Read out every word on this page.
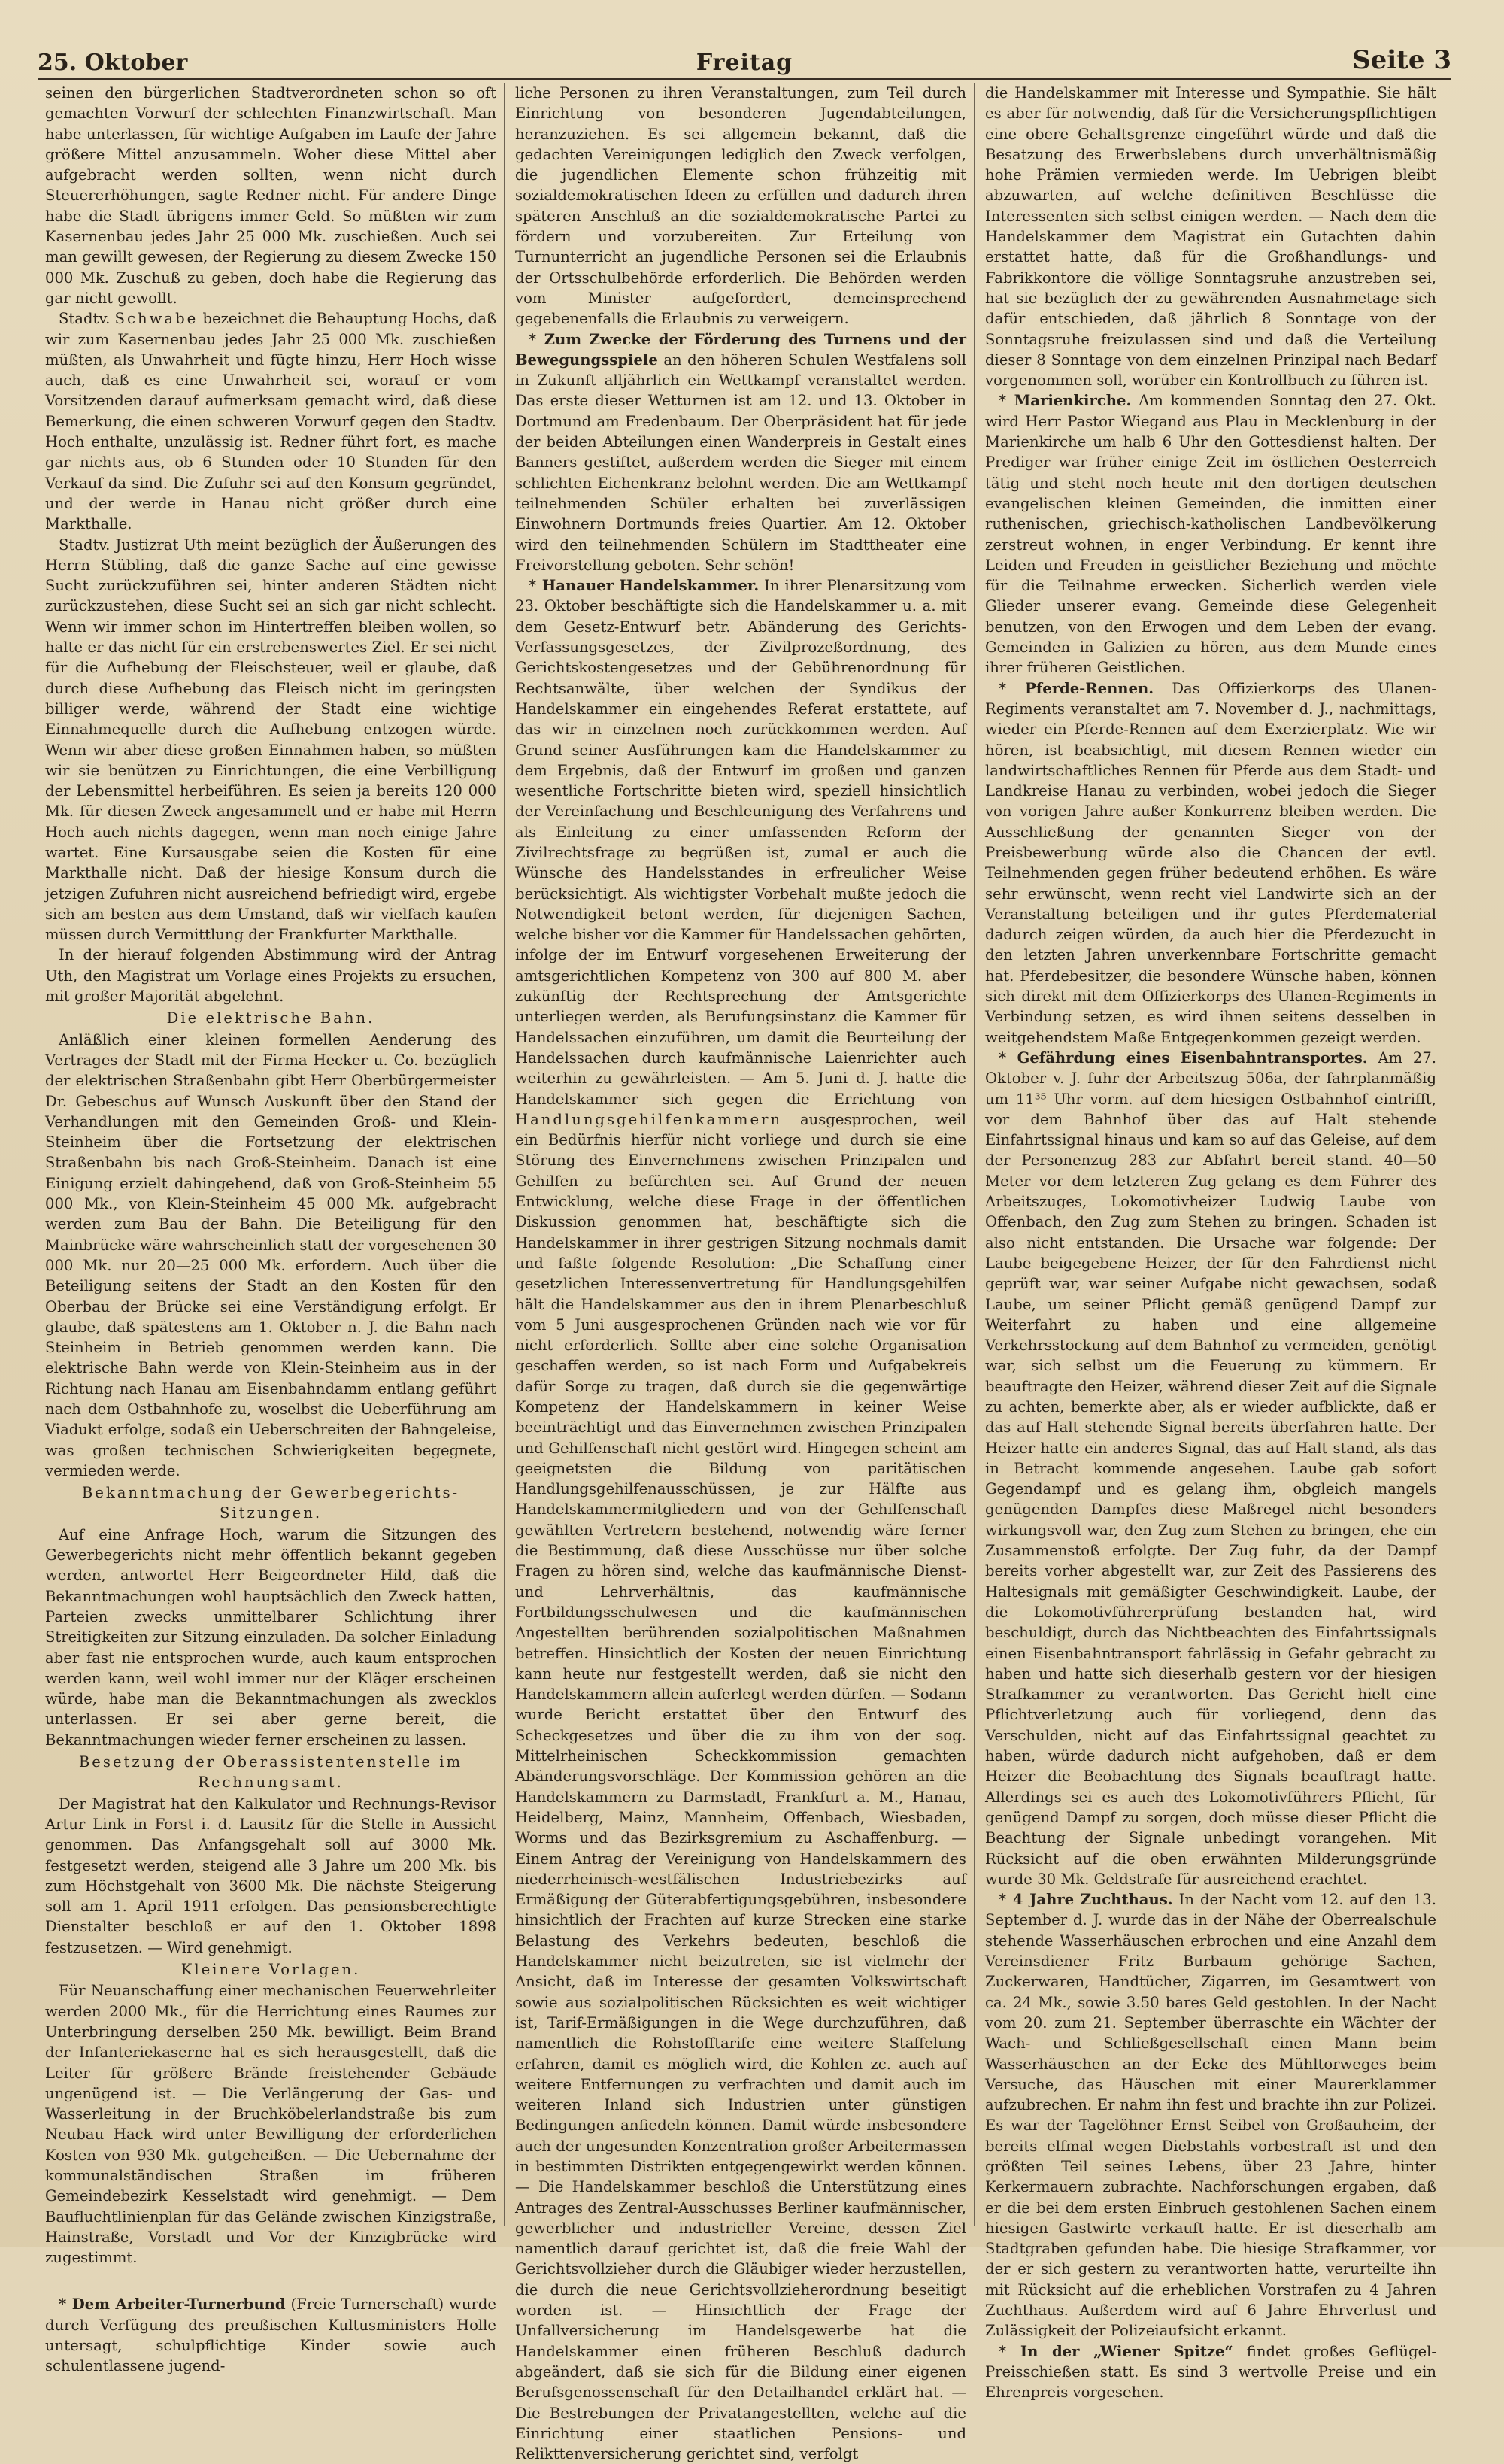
25. Oktober	Freitag	Seite 3

seinen den bürgerlichen Stadtverordneten schon so oft gemachten Vorwurf der schlechten Finanzwirtschaft. Man habe unterlassen, für wichtige Aufgaben im Laufe der Jahre größere Mittel anzusammeln. Woher diese Mittel aber aufgebracht werden sollten, wenn nicht durch Steuererhöhungen, sagte Redner nicht. Für andere Dinge habe die Stadt übrigens immer Geld. So müßten wir zum Kasernenbau jedes Jahr 25 000 Mk. zuschießen. Auch sei man gewillt gewesen, der Regierung zu diesem Zwecke 150 000 Mk. Zuschuß zu geben, doch habe die Regierung das gar nicht gewollt.

Stadtv. Schwabe bezeichnet die Behauptung Hochs, daß wir zum Kasernenbau jedes Jahr 25 000 Mk. zuschießen müßten, als Unwahrheit und fügte hinzu, Herr Hoch wisse auch, daß es eine Unwahrheit sei, worauf er vom Vorsitzenden darauf aufmerksam gemacht wird, daß diese Bemerkung, die einen schweren Vorwurf gegen den Stadtv. Hoch enthalte, unzulässig ist. Redner führt fort, es mache gar nichts aus, ob 6 Stunden oder 10 Stunden für den Verkauf da sind. Die Zufuhr sei auf den Konsum gegründet, und der werde in Hanau nicht größer durch eine Markthalle.

Stadtv. Justizrat Uth meint bezüglich der Äußerungen des Herrn Stübling, daß die ganze Sache auf eine gewisse Sucht zurückzuführen sei, hinter anderen Städten nicht zurückzustehen, diese Sucht sei an sich gar nicht schlecht. Wenn wir immer schon im Hintertreffen bleiben wollen, so halte er das nicht für ein erstrebenswertes Ziel. Er sei nicht für die Aufhebung der Fleischsteuer, weil er glaube, daß durch diese Aufhebung das Fleisch nicht im geringsten billiger werde, während der Stadt eine wichtige Einnahmequelle durch die Aufhebung entzogen würde. Wenn wir aber diese großen Einnahmen haben, so müßten wir sie benützen zu Einrichtungen, die eine Verbilligung der Lebensmittel herbeiführen. Es seien ja bereits 120 000 Mk. für diesen Zweck angesammelt und er habe mit Herrn Hoch auch nichts dagegen, wenn man noch einige Jahre wartet. Eine Kursausgabe seien die Kosten für eine Markthalle nicht. Daß der hiesige Konsum durch die jetzigen Zufuhren nicht ausreichend befriedigt wird, ergebe sich am besten aus dem Umstand, daß wir vielfach kaufen müssen durch Vermittlung der Frankfurter Markthalle.

In der hierauf folgenden Abstimmung wird der Antrag Uth, den Magistrat um Vorlage eines Projekts zu ersuchen, mit großer Majorität abgelehnt.

Die elektrische Bahn.

Anläßlich einer kleinen formellen Aenderung des Vertrages der Stadt mit der Firma Hecker u. Co. bezüglich der elektrischen Straßenbahn gibt Herr Oberbürgermeister Dr. Gebeschus auf Wunsch Auskunft über den Stand der Verhandlungen mit den Gemeinden Groß- und Klein-Steinheim über die Fortsetzung der elektrischen Straßenbahn bis nach Groß-Steinheim. Danach ist eine Einigung erzielt dahingehend, daß von Groß-Steinheim 55 000 Mk., von Klein-Steinheim 45 000 Mk. aufgebracht werden zum Bau der Bahn. Die Beteiligung für den Mainbrücke wäre wahrscheinlich statt der vorgesehenen 30 000 Mk. nur 20—25 000 Mk. erfordern. Auch über die Beteiligung seitens der Stadt an den Kosten für den Oberbau der Brücke sei eine Verständigung erfolgt. Er glaube, daß spätestens am 1. Oktober n. J. die Bahn nach Steinheim in Betrieb genommen werden kann. Die elektrische Bahn werde von Klein-Steinheim aus in der Richtung nach Hanau am Eisenbahndamm entlang geführt nach dem Ostbahnhofe zu, woselbst die Ueberführung am Viadukt erfolge, sodaß ein Ueberschreiten der Bahngeleise, was großen technischen Schwierigkeiten begegnete, vermieden werde.

Bekanntmachung der Gewerbegerichts-Sitzungen.

Auf eine Anfrage Hoch, warum die Sitzungen des Gewerbegerichts nicht mehr öffentlich bekannt gegeben werden, antwortet Herr Beigeordneter Hild, daß die Bekanntmachungen wohl hauptsächlich den Zweck hatten, Parteien zwecks unmittelbarer Schlichtung ihrer Streitigkeiten zur Sitzung einzuladen. Da solcher Einladung aber fast nie entsprochen wurde, auch kaum entsprochen werden kann, weil wohl immer nur der Kläger erscheinen würde, habe man die Bekanntmachungen als zwecklos unterlassen. Er sei aber gerne bereit, die Bekanntmachungen wieder ferner erscheinen zu lassen.

Besetzung der Oberassistentenstelle im Rechnungsamt.

Der Magistrat hat den Kalkulator und Rechnungs-Revisor Artur Link in Forst i. d. Lausitz für die Stelle in Aussicht genommen. Das Anfangsgehalt soll auf 3000 Mk. festgesetzt werden, steigend alle 3 Jahre um 200 Mk. bis zum Höchstgehalt von 3600 Mk. Die nächste Steigerung soll am 1. April 1911 erfolgen. Das pensionsberechtigte Dienstalter beschloß er auf den 1. Oktober 1898 festzusetzen. — Wird genehmigt.

Kleinere Vorlagen.

Für Neuanschaffung einer mechanischen Feuerwehrleiter werden 2000 Mk., für die Herrichtung eines Raumes zur Unterbringung derselben 250 Mk. bewilligt. Beim Brand der Infanteriekaserne hat es sich herausgestellt, daß die Leiter für größere Brände freistehender Gebäude ungenügend ist. — Die Verlängerung der Gas- und Wasserleitung in der Bruchköbelerlandstraße bis zum Neubau Hack wird unter Bewilligung der erforderlichen Kosten von 930 Mk. gutgeheißen. — Die Uebernahme der kommunalständischen Straßen im früheren Gemeindebezirk Kesselstadt wird genehmigt. — Dem Baufluchtlinienplan für das Gelände zwischen Kinzigstraße, Hainstraße, Vorstadt und Vor der Kinzigbrücke wird zugestimmt.

* Dem Arbeiter-Turnerbund (Freie Turnerschaft) wurde durch Verfügung des preußischen Kultusministers Holle untersagt, schulpflichtige Kinder sowie auch schulentlassene jugend-

liche Personen zu ihren Veranstaltungen, zum Teil durch Einrichtung von besonderen Jugendabteilungen, heranzuziehen. Es sei allgemein bekannt, daß die gedachten Vereinigungen lediglich den Zweck verfolgen, die jugendlichen Elemente schon frühzeitig mit sozialdemokratischen Ideen zu erfüllen und dadurch ihren späteren Anschluß an die sozialdemokratische Partei zu fördern und vorzubereiten. Zur Erteilung von Turnunterricht an jugendliche Personen sei die Erlaubnis der Ortsschulbehörde erforderlich. Die Behörden werden vom Minister aufgefordert, demeinsprechend gegebenenfalls die Erlaubnis zu verweigern.

* Zum Zwecke der Förderung des Turnens und der Bewegungsspiele an den höheren Schulen Westfalens soll in Zukunft alljährlich ein Wettkampf veranstaltet werden. Das erste dieser Wetturnen ist am 12. und 13. Oktober in Dortmund am Fredenbaum. Der Oberpräsident hat für jede der beiden Abteilungen einen Wanderpreis in Gestalt eines Banners gestiftet, außerdem werden die Sieger mit einem schlichten Eichenkranz belohnt werden. Die am Wettkampf teilnehmenden Schüler erhalten bei zuverlässigen Einwohnern Dortmunds freies Quartier. Am 12. Oktober wird den teilnehmenden Schülern im Stadttheater eine Freivorstellung geboten. Sehr schön!

* Hanauer Handelskammer. In ihrer Plenarsitzung vom 23. Oktober beschäftigte sich die Handelskammer u. a. mit dem Gesetz-Entwurf betr. Abänderung des Gerichts-Verfassungsgesetzes, der Zivilprozeßordnung, des Gerichtskostengesetzes und der Gebührenordnung für Rechtsanwälte, über welchen der Syndikus der Handelskammer ein eingehendes Referat erstattete, auf das wir in einzelnen noch zurückkommen werden. Auf Grund seiner Ausführungen kam die Handelskammer zu dem Ergebnis, daß der Entwurf im großen und ganzen wesentliche Fortschritte bieten wird, speziell hinsichtlich der Vereinfachung und Beschleunigung des Verfahrens und als Einleitung zu einer umfassenden Reform der Zivilrechtsfrage zu begrüßen ist, zumal er auch die Wünsche des Handelsstandes in erfreulicher Weise berücksichtigt. Als wichtigster Vorbehalt mußte jedoch die Notwendigkeit betont werden, für diejenigen Sachen, welche bisher vor die Kammer für Handelssachen gehörten, infolge der im Entwurf vorgesehenen Erweiterung der amtsgerichtlichen Kompetenz von 300 auf 800 M. aber zukünftig der Rechtsprechung der Amtsgerichte unterliegen werden, als Berufungsinstanz die Kammer für Handelssachen einzuführen, um damit die Beurteilung der Handelssachen durch kaufmännische Laienrichter auch weiterhin zu gewährleisten. — Am 5. Juni d. J. hatte die Handelskammer sich gegen die Errichtung von Handlungsgehilfenkammern ausgesprochen, weil ein Bedürfnis hierfür nicht vorliege und durch sie eine Störung des Einvernehmens zwischen Prinzipalen und Gehilfen zu befürchten sei. Auf Grund der neuen Entwicklung, welche diese Frage in der öffentlichen Diskussion genommen hat, beschäftigte sich die Handelskammer in ihrer gestrigen Sitzung nochmals damit und faßte folgende Resolution: „Die Schaffung einer gesetzlichen Interessenvertretung für Handlungsgehilfen hält die Handelskammer aus den in ihrem Plenarbeschluß vom 5 Juni ausgesprochenen Gründen nach wie vor für nicht erforderlich. Sollte aber eine solche Organisation geschaffen werden, so ist nach Form und Aufgabekreis dafür Sorge zu tragen, daß durch sie die gegenwärtige Kompetenz der Handelskammern in keiner Weise beeinträchtigt und das Einvernehmen zwischen Prinzipalen und Gehilfenschaft nicht gestört wird. Hingegen scheint am geeignetsten die Bildung von paritätischen Handlungsgehilfenausschüssen, je zur Hälfte aus Handelskammermitgliedern und von der Gehilfenschaft gewählten Vertretern bestehend, notwendig wäre ferner die Bestimmung, daß diese Ausschüsse nur über solche Fragen zu hören sind, welche das kaufmännische Dienst- und Lehrverhältnis, das kaufmännische Fortbildungsschulwesen und die kaufmännischen Angestellten berührenden sozialpolitischen Maßnahmen betreffen. Hinsichtlich der Kosten der neuen Einrichtung kann heute nur festgestellt werden, daß sie nicht den Handelskammern allein auferlegt werden dürfen. — Sodann wurde Bericht erstattet über den Entwurf des Scheckgesetzes und über die zu ihm von der sog. Mittelrheinischen Scheckkommission gemachten Abänderungsvorschläge. Der Kommission gehören an die Handelskammern zu Darmstadt, Frankfurt a. M., Hanau, Heidelberg, Mainz, Mannheim, Offenbach, Wiesbaden, Worms und das Bezirksgremium zu Aschaffenburg. — Einem Antrag der Vereinigung von Handelskammern des niederrheinisch-westfälischen Industriebezirks auf Ermäßigung der Güterabfertigungsgebühren, insbesondere hinsichtlich der Frachten auf kurze Strecken eine starke Belastung des Verkehrs bedeuten, beschloß die Handelskammer nicht beizutreten, sie ist vielmehr der Ansicht, daß im Interesse der gesamten Volkswirtschaft sowie aus sozialpolitischen Rücksichten es weit wichtiger ist, Tarif-Ermäßigungen in die Wege durchzuführen, daß namentlich die Rohstofftarife eine weitere Staffelung erfahren, damit es möglich wird, die Kohlen zc. auch auf weitere Entfernungen zu verfrachten und damit auch im weiteren Inland sich Industrien unter günstigen Bedingungen anfiedeln können. Damit würde insbesondere auch der ungesunden Konzentration großer Arbeitermassen in bestimmten Distrikten entgegengewirkt werden können. — Die Handelskammer beschloß die Unterstützung eines Antrages des Zentral-Ausschusses Berliner kaufmännischer, gewerblicher und industrieller Vereine, dessen Ziel namentlich darauf gerichtet ist, daß die freie Wahl der Gerichtsvollzieher durch die Gläubiger wieder herzustellen, die durch die neue Gerichtsvollzieherordnung beseitigt worden ist. — Hinsichtlich der Frage der Unfallversicherung im Handelsgewerbe hat die Handelskammer einen früheren Beschluß dadurch abgeändert, daß sie sich für die Bildung einer eigenen Berufsgenossenschaft für den Detailhandel erklärt hat. — Die Bestrebungen der Privatangestellten, welche auf die Einrichtung einer staatlichen Pensions- und Relikttenversicherung gerichtet sind, verfolgt

die Handelskammer mit Interesse und Sympathie. Sie hält es aber für notwendig, daß für die Versicherungspflichtigen eine obere Gehaltsgrenze eingeführt würde und daß die Besatzung des Erwerbslebens durch unverhältnismäßig hohe Prämien vermieden werde. Im Uebrigen bleibt abzuwarten, auf welche definitiven Beschlüsse die Interessenten sich selbst einigen werden. — Nach dem die Handelskammer dem Magistrat ein Gutachten dahin erstattet hatte, daß für die Großhandlungs- und Fabrikkontore die völlige Sonntagsruhe anzustreben sei, hat sie bezüglich der zu gewährenden Ausnahmetage sich dafür entschieden, daß jährlich 8 Sonntage von der Sonntagsruhe freizulassen sind und daß die Verteilung dieser 8 Sonntage von dem einzelnen Prinzipal nach Bedarf vorgenommen soll, worüber ein Kontrollbuch zu führen ist.

* Marienkirche. Am kommenden Sonntag den 27. Okt. wird Herr Pastor Wiegand aus Plau in Mecklenburg in der Marienkirche um halb 6 Uhr den Gottesdienst halten. Der Prediger war früher einige Zeit im östlichen Oesterreich tätig und steht noch heute mit den dortigen deutschen evangelischen kleinen Gemeinden, die inmitten einer ruthenischen, griechisch-katholischen Landbevölkerung zerstreut wohnen, in enger Verbindung. Er kennt ihre Leiden und Freuden in geistlicher Beziehung und möchte für die Teilnahme erwecken. Sicherlich werden viele Glieder unserer evang. Gemeinde diese Gelegenheit benutzen, von den Erwogen und dem Leben der evang. Gemeinden in Galizien zu hören, aus dem Munde eines ihrer früheren Geistlichen.

* Pferde-Rennen. Das Offizierkorps des Ulanen-Regiments veranstaltet am 7. November d. J., nachmittags, wieder ein Pferde-Rennen auf dem Exerzierplatz. Wie wir hören, ist beabsichtigt, mit diesem Rennen wieder ein landwirtschaftliches Rennen für Pferde aus dem Stadt- und Landkreise Hanau zu verbinden, wobei jedoch die Sieger von vorigen Jahre außer Konkurrenz bleiben werden. Die Ausschließung der genannten Sieger von der Preisbewerbung würde also die Chancen der evtl. Teilnehmenden gegen früher bedeutend erhöhen. Es wäre sehr erwünscht, wenn recht viel Landwirte sich an der Veranstaltung beteiligen und ihr gutes Pferdematerial dadurch zeigen würden, da auch hier die Pferdezucht in den letzten Jahren unverkennbare Fortschritte gemacht hat. Pferdebesitzer, die besondere Wünsche haben, können sich direkt mit dem Offizierkorps des Ulanen-Regiments in Verbindung setzen, es wird ihnen seitens desselben in weitgehendstem Maße Entgegenkommen gezeigt werden.

* Gefährdung eines Eisenbahntransportes. Am 27. Oktober v. J. fuhr der Arbeitszug 506a, der fahrplanmäßig um 11³⁵ Uhr vorm. auf dem hiesigen Ostbahnhof eintrifft, vor dem Bahnhof über das auf Halt stehende Einfahrtssignal hinaus und kam so auf das Geleise, auf dem der Personenzug 283 zur Abfahrt bereit stand. 40—50 Meter vor dem letzteren Zug gelang es dem Führer des Arbeitszuges, Lokomotivheizer Ludwig Laube von Offenbach, den Zug zum Stehen zu bringen. Schaden ist also nicht entstanden. Die Ursache war folgende: Der Laube beigegebene Heizer, der für den Fahrdienst nicht geprüft war, war seiner Aufgabe nicht gewachsen, sodaß Laube, um seiner Pflicht gemäß genügend Dampf zur Weiterfahrt zu haben und eine allgemeine Verkehrsstockung auf dem Bahnhof zu vermeiden, genötigt war, sich selbst um die Feuerung zu kümmern. Er beauftragte den Heizer, während dieser Zeit auf die Signale zu achten, bemerkte aber, als er wieder aufblickte, daß er das auf Halt stehende Signal bereits überfahren hatte. Der Heizer hatte ein anderes Signal, das auf Halt stand, als das in Betracht kommende angesehen. Laube gab sofort Gegendampf und es gelang ihm, obgleich mangels genügenden Dampfes diese Maßregel nicht besonders wirkungsvoll war, den Zug zum Stehen zu bringen, ehe ein Zusammenstoß erfolgte. Der Zug fuhr, da der Dampf bereits vorher abgestellt war, zur Zeit des Passierens des Haltesignals mit gemäßigter Geschwindigkeit. Laube, der die Lokomotivführerprüfung bestanden hat, wird beschuldigt, durch das Nichtbeachten des Einfahrtssignals einen Eisenbahntransport fahrlässig in Gefahr gebracht zu haben und hatte sich dieserhalb gestern vor der hiesigen Strafkammer zu verantworten. Das Gericht hielt eine Pflichtverletzung auch für vorliegend, denn das Verschulden, nicht auf das Einfahrtssignal geachtet zu haben, würde dadurch nicht aufgehoben, daß er dem Heizer die Beobachtung des Signals beauftragt hatte. Allerdings sei es auch des Lokomotivführers Pflicht, für genügend Dampf zu sorgen, doch müsse dieser Pflicht die Beachtung der Signale unbedingt vorangehen. Mit Rücksicht auf die oben erwähnten Milderungsgründe wurde 30 Mk. Geldstrafe für ausreichend erachtet.

* 4 Jahre Zuchthaus. In der Nacht vom 12. auf den 13. September d. J. wurde das in der Nähe der Oberrealschule stehende Wasserhäuschen erbrochen und eine Anzahl dem Vereinsdiener Fritz Burbaum gehörige Sachen, Zuckerwaren, Handtücher, Zigarren, im Gesamtwert von ca. 24 Mk., sowie 3.50 bares Geld gestohlen. In der Nacht vom 20. zum 21. September überraschte ein Wächter der Wach- und Schließgesellschaft einen Mann beim Wasserhäuschen an der Ecke des Mühltorweges beim Versuche, das Häuschen mit einer Maurerklammer aufzubrechen. Er nahm ihn fest und brachte ihn zur Polizei. Es war der Tagelöhner Ernst Seibel von Großauheim, der bereits elfmal wegen Diebstahls vorbestraft ist und den größten Teil seines Lebens, über 23 Jahre, hinter Kerkermauern zubrachte. Nachforschungen ergaben, daß er die bei dem ersten Einbruch gestohlenen Sachen einem hiesigen Gastwirte verkauft hatte. Er ist dieserhalb am Stadtgraben gefunden habe. Die hiesige Strafkammer, vor der er sich gestern zu verantworten hatte, verurteilte ihn mit Rücksicht auf die erheblichen Vorstrafen zu 4 Jahren Zuchthaus. Außerdem wird auf 6 Jahre Ehrverlust und Zulässigkeit der Polizeiaufsicht erkannt.

* In der „Wiener Spitze“ findet großes Geflügel-Preisschießen statt. Es sind 3 wertvolle Preise und ein Ehrenpreis vorgesehen.
